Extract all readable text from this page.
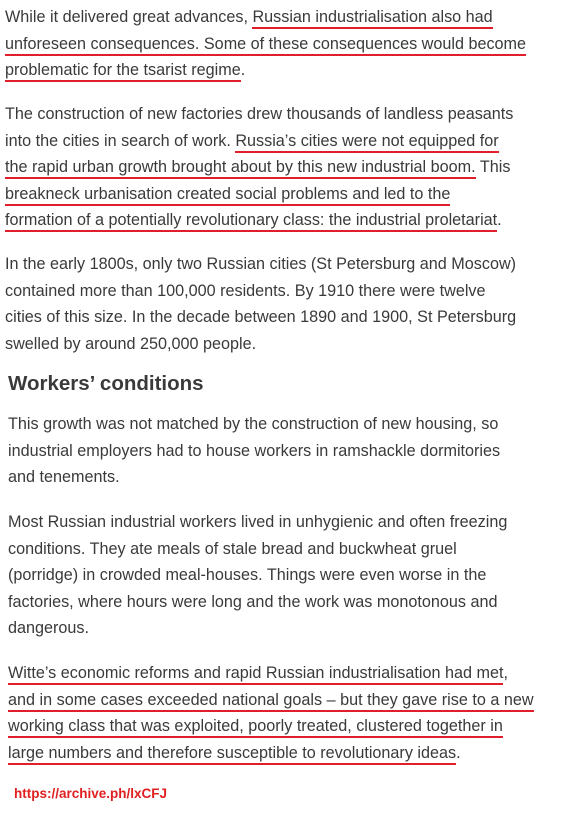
While it delivered great advances, Russian industrialisation also had
unforeseen consequences. Some of these consequences would become
problematic for the tsarist regime.
The construction of new factories drew thousands of landless peasants
into the cities in search of work. Russia’s cities were not equipped for
the rapid urban growth brought about by this new industrial boom. This
breakneck urbanisation created social problems and led to the
formation of a potentially revolutionary class: the industrial proletariat.
In the early 1800s, only two Russian cities (St Petersburg and Moscow)
contained more than 100,000 residents. By 1910 there were twelve
cities of this size. In the decade between 1890 and 1900, St Petersburg
swelled by around 250,000 people.
Workers’ conditions
This growth was not matched by the construction of new housing, so
industrial employers had to house workers in ramshackle dormitories
and tenements.
Most Russian industrial workers lived in unhygienic and often freezing
conditions. They ate meals of stale bread and buckwheat gruel
(porridge) in crowded meal-houses. Things were even worse in the
factories, where hours were long and the work was monotonous and
dangerous.
Witte’s economic reforms and rapid Russian industrialisation had met,
and in some cases exceeded national goals – but they gave rise to a new
working class that was exploited, poorly treated, clustered together in
large numbers and therefore susceptible to revolutionary ideas.
https://archive.ph/lxCFJ
